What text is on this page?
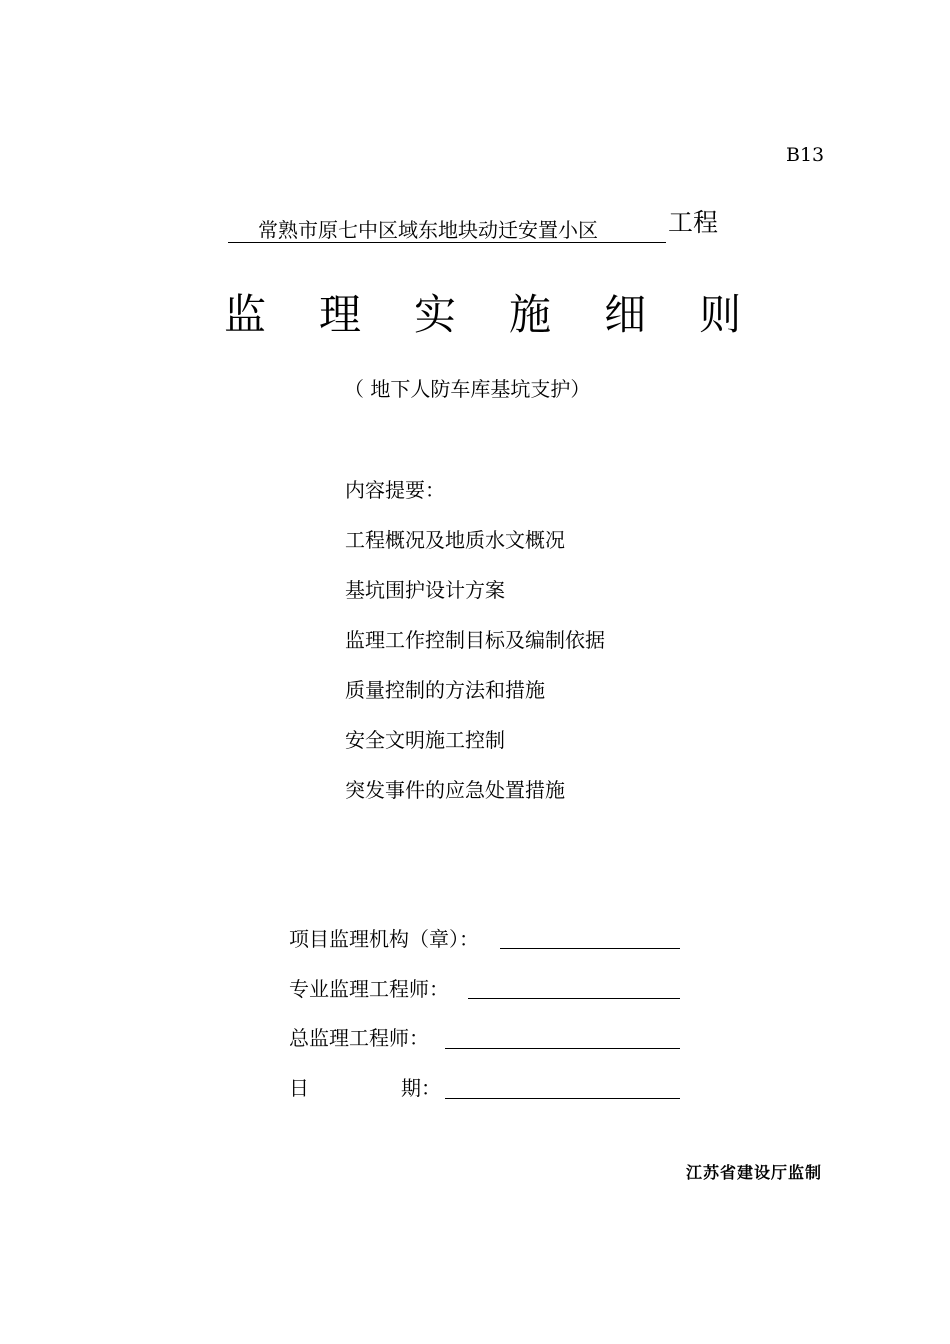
B13
常熟市原七中区域东地块动迁安置小区	工程
监 理 实 施 细 则
（ 地下人防车库基坑支护）
内容提要：
工程概况及地质水文概况
基坑围护设计方案
监理工作控制目标及编制依据
质量控制的方法和措施
安全文明施工控制
突发事件的应急处置措施
项目监理机构（章）：
专业监理工程师：
总监理工程师：
日	期：
江苏省建设厅监制
